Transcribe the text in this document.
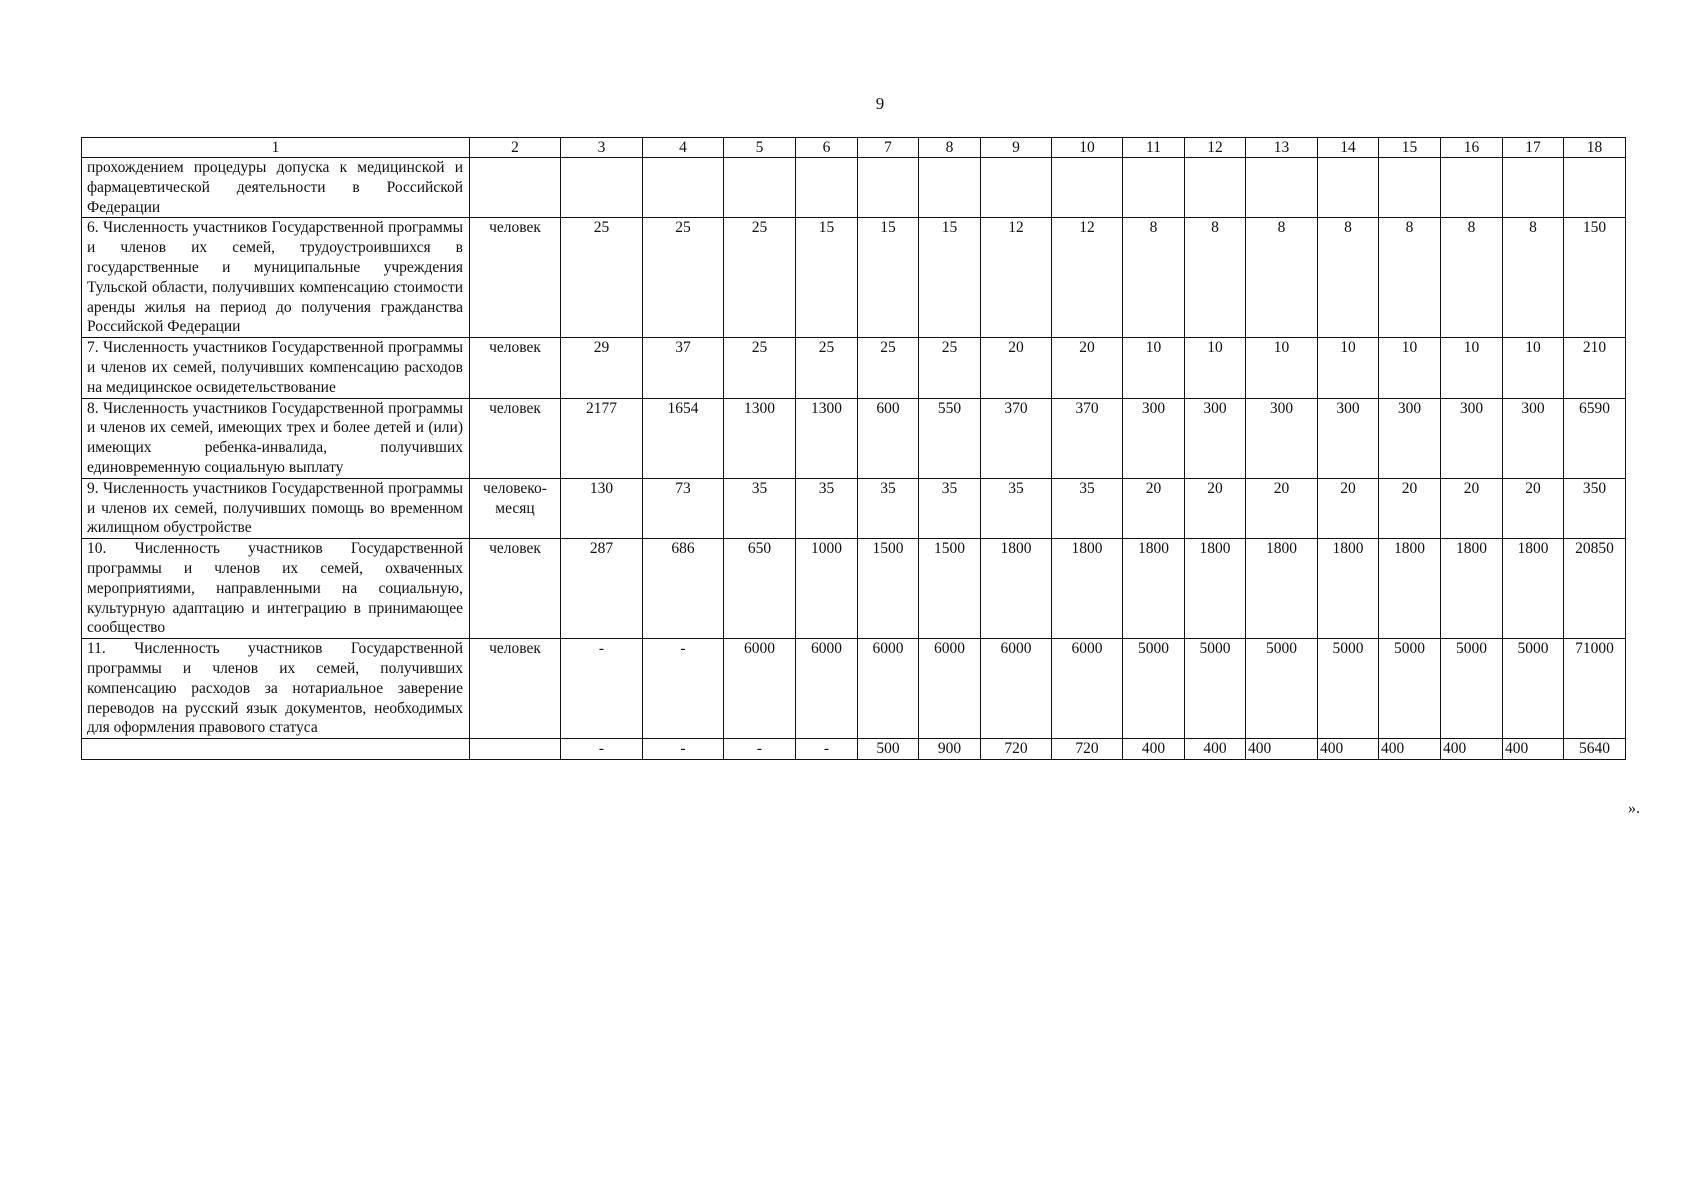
9
1	2	3	4	5	6	7	8	9	10	11	12	13	14	15	16	17	18
прохождением процедуры допуска к медицинской и фармацевтической деятельности в Российской Федерации																	
6. Численность участников Государственной программы и членов их семей, трудоустроившихся в государственные и муниципальные учреждения Тульской области, получивших компенсацию стоимости аренды жилья на период до получения гражданства Российской Федерации	человек	25	25	25	15	15	15	12	12	8	8	8	8	8	8	8	150
7. Численность участников Государственной программы и членов их семей, получивших компенсацию расходов на медицинское освидетельствование	человек	29	37	25	25	25	25	20	20	10	10	10	10	10	10	10	210
8. Численность участников Государственной программы и членов их семей, имеющих трех и более детей и (или) имеющих ребенка-инвалида, получивших единовременную социальную выплату	человек	2177	1654	1300	1300	600	550	370	370	300	300	300	300	300	300	300	6590
9. Численность участников Государственной программы и членов их семей, получивших помощь во временном жилищном обустройстве	человеко-месяц	130	73	35	35	35	35	35	35	20	20	20	20	20	20	20	350
10. Численность участников Государственной программы и членов их семей, охваченных мероприятиями, направленными на социальную, культурную адаптацию и интеграцию в принимающее сообщество	человек	287	686	650	1000	1500	1500	1800	1800	1800	1800	1800	1800	1800	1800	1800	20850
11. Численность участников Государственной программы и членов их семей, получивших компенсацию расходов за нотариальное заверение переводов на русский язык документов, необходимых для оформления правового статуса	человек	-	-	6000	6000	6000	6000	6000	6000	5000	5000	5000	5000	5000	5000	5000	71000
		-	-	-	-	500	900	720	720	400	400	400	400	400	400	400	5640
».
